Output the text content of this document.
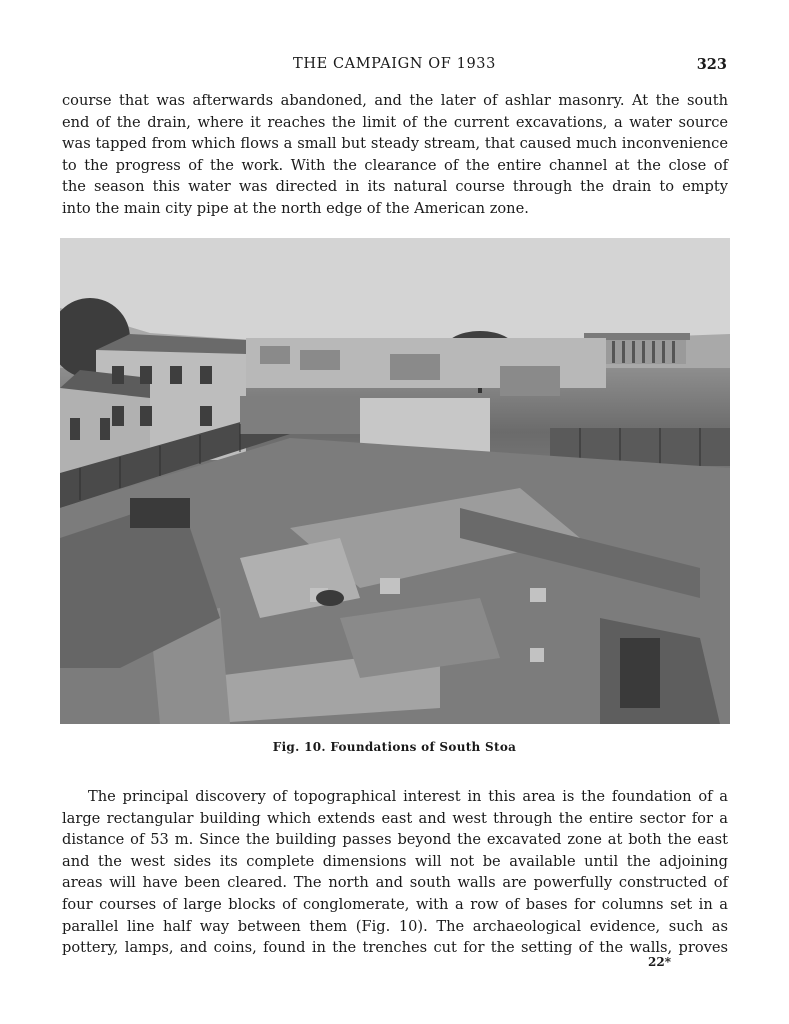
THE CAMPAIGN OF 1933	323
course that was afterwards abandoned, and the later of ashlar masonry. At the south
end of the drain, where it reaches the limit of the current excavations, a water source
was tapped from which flows a small but steady stream, that caused much inconvenience
to the progress of the work. With the clearance of the entire channel at the close of
the season this water was directed in its natural course through the drain to empty
into the main city pipe at the north edge of the American zone.
Fig. 10. Foundations of South Stoa
The principal discovery of topographical interest in this area is the foundation of a
large rectangular building which extends east and west through the entire sector for a
distance of 53 m. Since the building passes beyond the excavated zone at both the east
and the west sides its complete dimensions will not be available until the adjoining
areas will have been cleared. The north and south walls are powerfully constructed of
four courses of large blocks of conglomerate, with a row of bases for columns set in a
parallel line half way between them (Fig. 10). The archaeological evidence, such as
pottery, lamps, and coins, found in the trenches cut for the setting of the walls, proves
22*
